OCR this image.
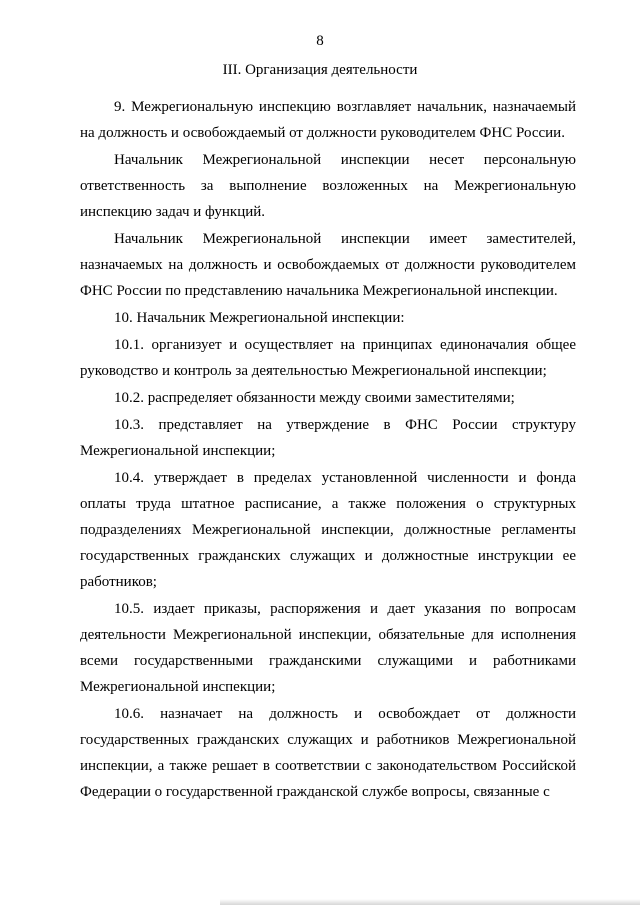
8
III. Организация деятельности

9. Межрегиональную инспекцию возглавляет начальник, назначаемый на должность и освобождаемый от должности руководителем ФНС России.

Начальник Межрегиональной инспекции несет персональную ответственность за выполнение возложенных на Межрегиональную инспекцию задач и функций.

Начальник Межрегиональной инспекции имеет заместителей, назначаемых на должность и освобождаемых от должности руководителем ФНС России по представлению начальника Межрегиональной инспекции.

10. Начальник Межрегиональной инспекции:

10.1. организует и осуществляет на принципах единоначалия общее руководство и контроль за деятельностью Межрегиональной инспекции;

10.2. распределяет обязанности между своими заместителями;

10.3. представляет на утверждение в ФНС России структуру Межрегиональной инспекции;

10.4. утверждает в пределах установленной численности и фонда оплаты труда штатное расписание, а также положения о структурных подразделениях Межрегиональной инспекции, должностные регламенты государственных гражданских служащих и должностные инструкции ее работников;

10.5. издает приказы, распоряжения и дает указания по вопросам деятельности Межрегиональной инспекции, обязательные для исполнения всеми государственными гражданскими служащими и работниками Межрегиональной инспекции;

10.6. назначает на должность и освобождает от должности государственных гражданских служащих и работников Межрегиональной инспекции, а также решает в соответствии с законодательством Российской Федерации о государственной гражданской службе вопросы, связанные с
